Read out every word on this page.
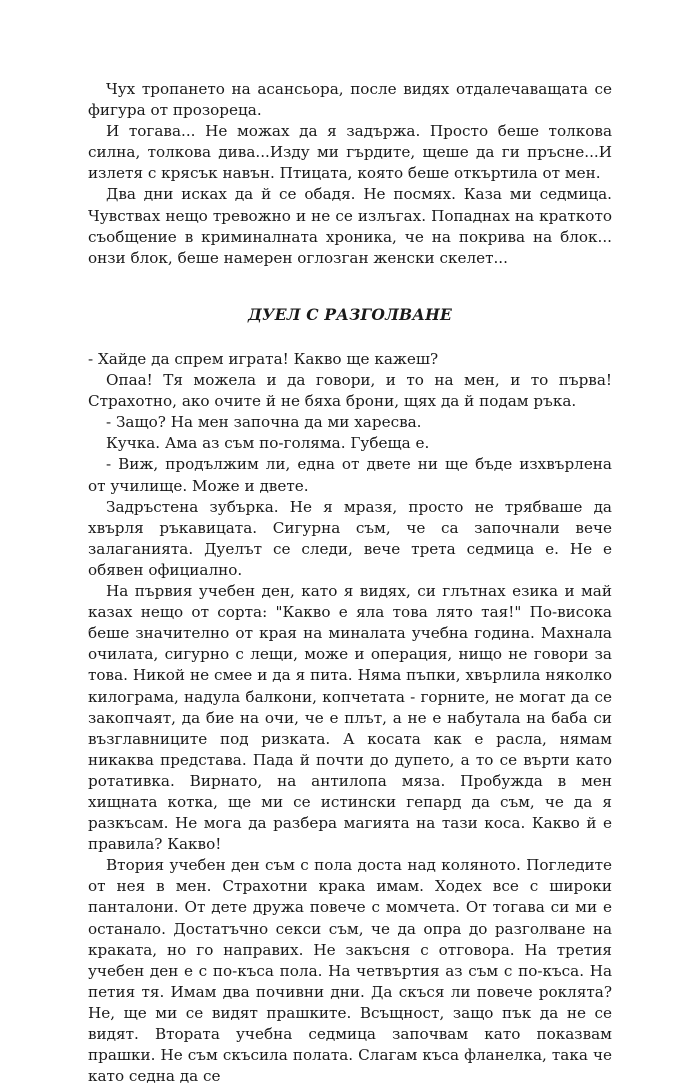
Чух тропането на асансьора, после видях отдалечаващата се фигура от прозореца.

И тогава... Не можах да я задържа. Просто беше толкова силна, толкова дива...Изду ми гърдите, щеше да ги пръсне...И излетя с крясък навън. Птицата, която беше откъртила от мен.

Два дни исках да й се обадя. Не посмях. Каза ми седмица. Чувствах нещо тревожно и не се излъгах. Попаднах на краткото съобщение в криминалната хроника, че на покрива на блок... онзи блок, беше намерен оглозган женски скелет...

ДУЕЛ С РАЗГОЛВАНЕ

- Хайде да спрем играта! Какво ще кажеш?

Опаа! Тя можела и да говори, и то на мен, и то първа! Страхотно, ако очите й не бяха брони, щях да й подам ръка.

- Защо? На мен започна да ми харесва.

Кучка. Ама аз съм по-голяма. Губеща е.

- Виж, продължим ли, една от двете ни ще бъде изхвърлена от училище. Може и двете.

Задръстена зубърка. Не я мразя, просто не трябваше да хвърля ръкавицата. Сигурна съм, че са започнали вече залаганията. Дуелът се следи, вече трета седмица е. Не е обявен официално.

На първия учебен ден, като я видях, си глътнах езика и май казах нещо от сорта: "Какво е яла това лято тая!" По-висока беше значително от края на миналата учебна година. Махнала очилата, сигурно с лещи, може и операция, нищо не говори за това. Никой не смее и да я пита. Няма пъпки, хвърлила няколко килограма, надула балкони, копчетата - горните, не могат да се закопчаят, да бие на очи, че е плът, а не е набутала на баба си възглавниците под ризката. А косата как е расла, нямам никаква представа. Пада й почти до дупето, а то се върти като ротативка. Вирнато, на антилопа мяза. Пробужда в мен хищната котка, ще ми се истински гепард да съм, че да я разкъсам. Не мога да разбера магията на тази коса. Какво й е правила? Какво!

Втория учебен ден съм с пола доста над коляното. Погледите от нея в мен. Страхотни крака имам. Ходех все с широки панталони. От дете дружа повече с момчета. От тогава си ми е останало. Достатъчно секси съм, че да опра до разголване на краката, но го направих. Не закъсня с отговора. На третия учебен ден е с по-къса пола. На четвъртия аз съм с по-къса. На петия тя. Имам два почивни дни. Да скъся ли повече роклята? Не, ще ми се видят прашките. Всъщност, защо пък да не се видят. Втората учебна седмица започвам като показвам прашки. Не съм скъсила полата. Слагам къса фланелка, така че като седна да се
